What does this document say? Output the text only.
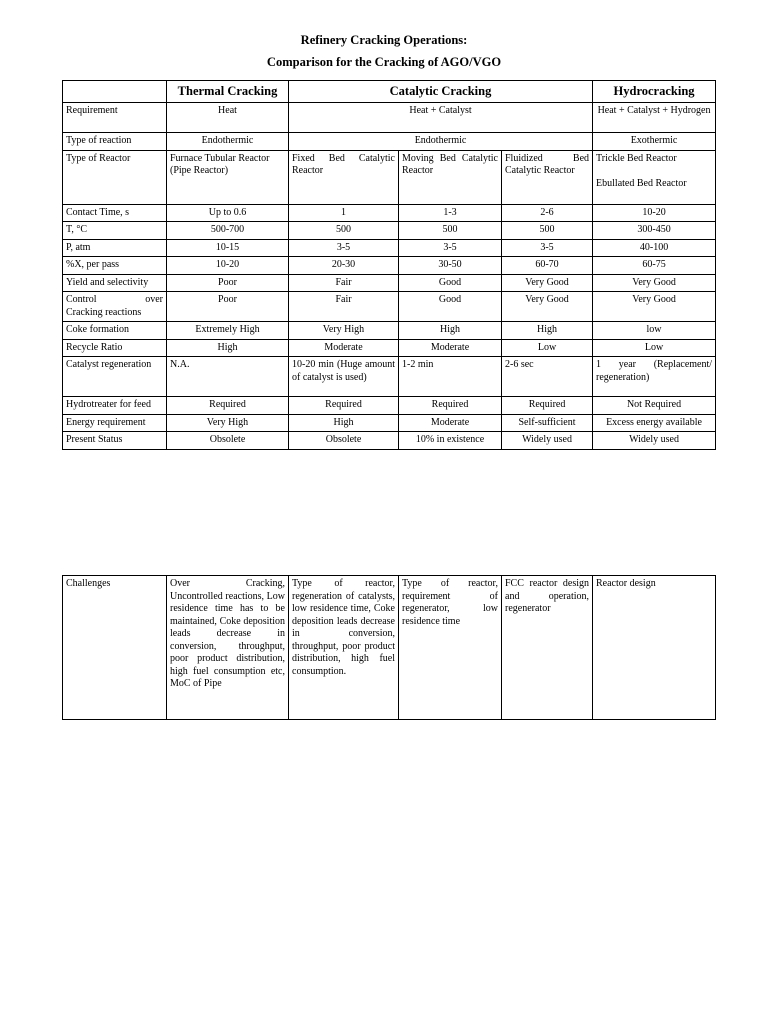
Refinery Cracking Operations:
Comparison for the Cracking of AGO/VGO
	Thermal Cracking	Catalytic Cracking			Hydrocracking
Requirement	Heat	Heat + Catalyst			Heat + Catalyst + Hydrogen
Type of reaction	Endothermic	Endothermic			Exothermic
Type of Reactor	Furnace Tubular Reactor (Pipe Reactor)	Fixed Bed Catalytic Reactor	Moving Bed Catalytic Reactor	Fluidized Bed Catalytic Reactor	Trickle Bed Reactor
Ebullated Bed Reactor

Contact Time, s	Up to 0.6	1	1-3	2-6	10-20
T, °C	500-700	500	500	500	300-450
P, atm	10-15	3-5	3-5	3-5	40-100
%X, per pass	10-20	20-30	30-50	60-70	60-75
Yield and selectivity	Poor	Fair	Good	Very Good	Very Good

Control over
Cracking reactions	Poor	Fair	Good	Very Good	Very Good
Coke formation	Extremely High	Very High	High	High	low
Recycle Ratio	High	Moderate	Moderate	Low	Low
Catalyst regeneration	N.A.	10-20 min (Huge amount of catalyst is used)	1-2 min	2-6 sec	1 year (Replacement/ regeneration)
Hydrotreater for feed	Required	Required	Required	Required	Not Required
Energy requirement	Very High	High	Moderate	Self-sufficient	Excess energy available
Present Status	Obsolete	Obsolete	10% in existence	Widely used	Widely used
Challenges	Over Cracking, Uncontrolled reactions, Low residence time has to be maintained, Coke deposition leads decrease in conversion, throughput, poor product distribution, high fuel consumption etc, MoC of Pipe	Type of reactor, regeneration of catalysts, low residence time, Coke deposition leads decrease in conversion, throughput, poor product distribution, high fuel consumption.	Type of reactor, requirement of regenerator, low residence time	FCC reactor design and operation, regenerator	Reactor design
